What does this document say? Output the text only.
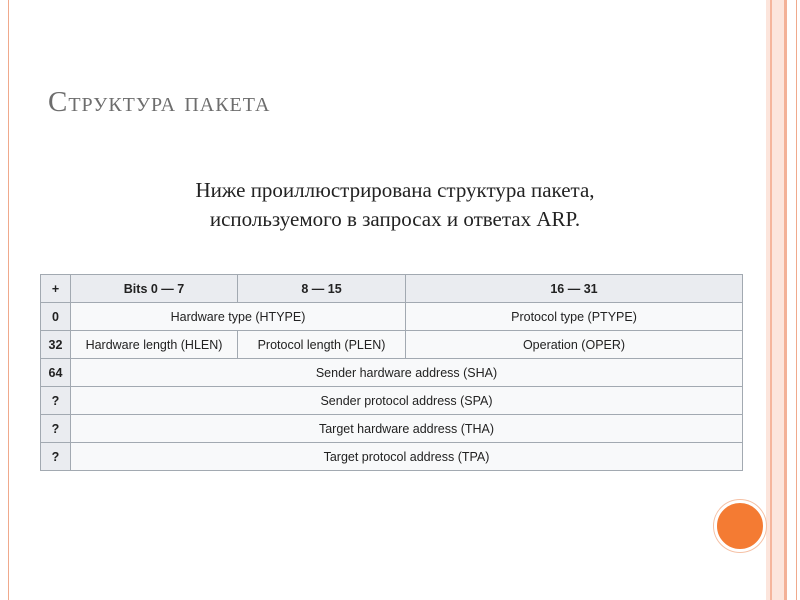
Структура пакета

Ниже проиллюстрирована структура пакета,
используемого в запросах и ответах ARP.

+	Bits 0 — 7	8 — 15	16 — 31
0	Hardware type (HTYPE)		Protocol type (PTYPE)
32	Hardware length (HLEN)	Protocol length (PLEN)	Operation (OPER)
64	Sender hardware address (SHA)		
?	Sender protocol address (SPA)		
?	Target hardware address (THA)		
?	Target protocol address (TPA)		
